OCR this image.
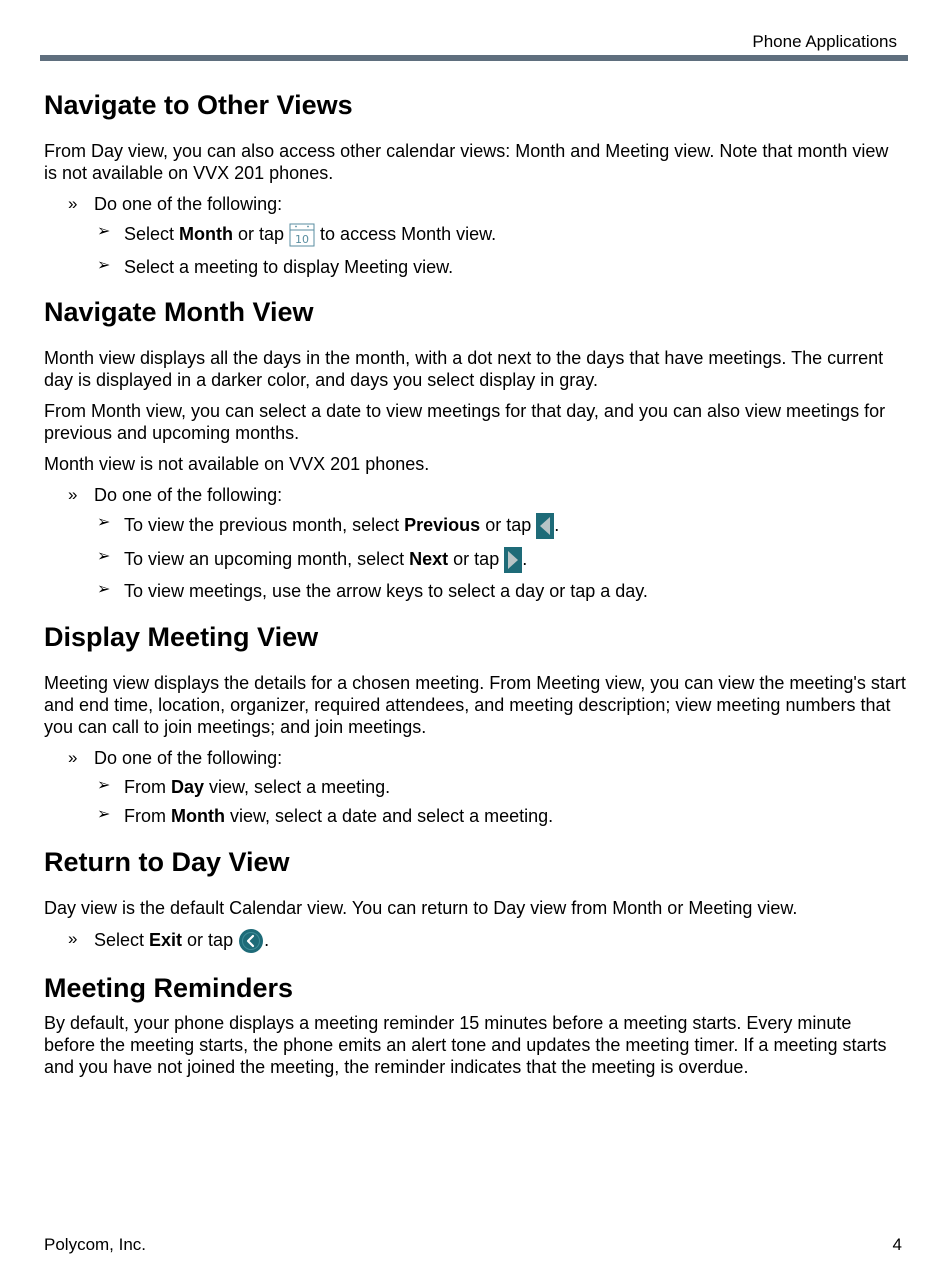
Phone Applications
Navigate to Other Views

From Day view, you can also access other calendar views: Month and Meeting view. Note that month view is not available on VVX 201 phones.

» Do one of the following:
➢ Select Month or tap 10 to access Month view.
➢ Select a meeting to display Meeting view.
Navigate Month View

Month view displays all the days in the month, with a dot next to the days that have meetings. The current day is displayed in a darker color, and days you select display in gray.

From Month view, you can select a date to view meetings for that day, and you can also view meetings for previous and upcoming months.

Month view is not available on VVX 201 phones.

» Do one of the following:
➢ To view the previous month, select Previous or tap .
➢ To view an upcoming month, select Next or tap .
➢ To view meetings, use the arrow keys to select a day or tap a day.
Display Meeting View

Meeting view displays the details for a chosen meeting. From Meeting view, you can view the meeting's start and end time, location, organizer, required attendees, and meeting description; view meeting numbers that you can call to join meetings; and join meetings.

» Do one of the following:
➢ From Day view, select a meeting.
➢ From Month view, select a date and select a meeting.
Return to Day View

Day view is the default Calendar view. You can return to Day view from Month or Meeting view.

» Select Exit or tap .
Meeting Reminders

By default, your phone displays a meeting reminder 15 minutes before a meeting starts. Every minute before the meeting starts, the phone emits an alert tone and updates the meeting timer. If a meeting starts and you have not joined the meeting, the reminder indicates that the meeting is overdue.

Polycom, Inc.	4
